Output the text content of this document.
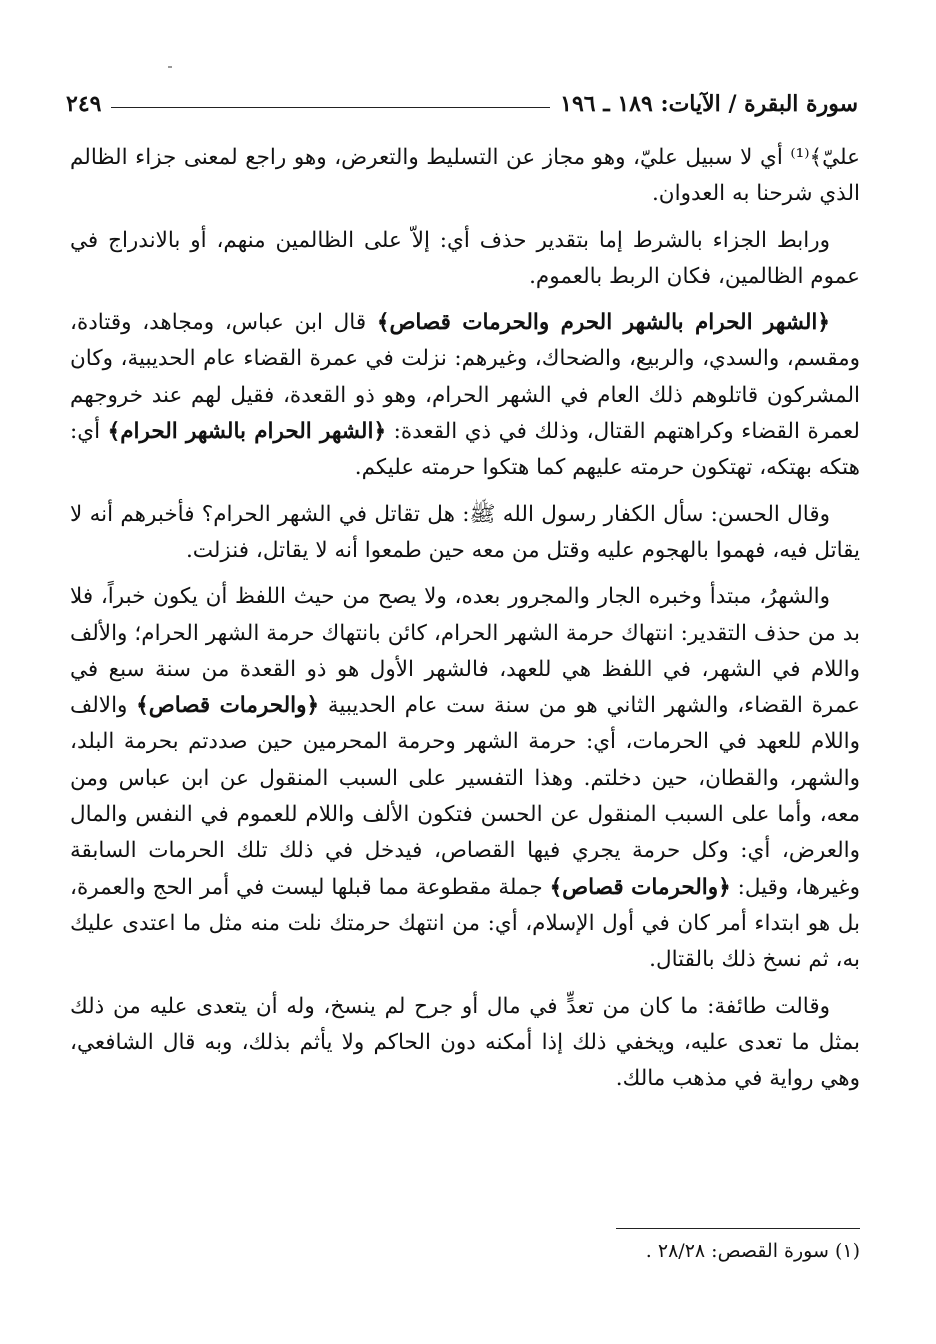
سورة البقرة / الآيات: ١٨٩ ـ ١٩٦
٢٤٩

عليّ﴾⁽¹⁾ أي لا سبيل عليّ، وهو مجاز عن التسليط والتعرض، وهو راجع لمعنى جزاء الظالم الذي شرحنا به العدوان.

ورابط الجزاء بالشرط إما بتقدير حذف أي: إلاّ على الظالمين منهم، أو بالاندراج في عموم الظالمين، فكان الربط بالعموم.

﴿الشهر الحرام بالشهر الحرم والحرمات قصاص﴾ قال ابن عباس، ومجاهد، وقتادة، ومقسم، والسدي، والربيع، والضحاك، وغيرهم: نزلت في عمرة القضاء عام الحديبية، وكان المشركون قاتلوهم ذلك العام في الشهر الحرام، وهو ذو القعدة، فقيل لهم عند خروجهم لعمرة القضاء وكراهتهم القتال، وذلك في ذي القعدة: ﴿الشهر الحرام بالشهر الحرام﴾ أي: هتكه بهتكه، تهتكون حرمته عليهم كما هتكوا حرمته عليكم.

وقال الحسن: سأل الكفار رسول الله ﷺ: هل تقاتل في الشهر الحرام؟ فأخبرهم أنه لا يقاتل فيه، فهموا بالهجوم عليه وقتل من معه حين طمعوا أنه لا يقاتل، فنزلت.

والشهرُ، مبتدأ وخبره الجار والمجرور بعده، ولا يصح من حيث اللفظ أن يكون خبراً، فلا بد من حذف التقدير: انتهاك حرمة الشهر الحرام، كائن بانتهاك حرمة الشهر الحرام؛ والألف واللام في الشهر، في اللفظ هي للعهد، فالشهر الأول هو ذو القعدة من سنة سبع في عمرة القضاء، والشهر الثاني هو من سنة ست عام الحديبية ﴿والحرمات قصاص﴾ والالف واللام للعهد في الحرمات، أي: حرمة الشهر وحرمة المحرمين حين صددتم بحرمة البلد، والشهر، والقطان، حين دخلتم. وهذا التفسير على السبب المنقول عن ابن عباس ومن معه، وأما على السبب المنقول عن الحسن فتكون الألف واللام للعموم في النفس والمال والعرض، أي: وكل حرمة يجري فيها القصاص، فيدخل في ذلك تلك الحرمات السابقة وغيرها، وقيل: ﴿والحرمات قصاص﴾ جملة مقطوعة مما قبلها ليست في أمر الحج والعمرة، بل هو ابتداء أمر كان في أول الإسلام، أي: من انتهك حرمتك نلت منه مثل ما اعتدى عليك به، ثم نسخ ذلك بالقتال.

وقالت طائفة: ما كان من تعدٍّ في مال أو جرح لم ينسخ، وله أن يتعدى عليه من ذلك بمثل ما تعدى عليه، ويخفي ذلك إذا أمكنه دون الحاكم ولا يأثم بذلك، وبه قال الشافعي، وهي رواية في مذهب مالك.

(١) سورة القصص: ٢٨/٢٨ .
